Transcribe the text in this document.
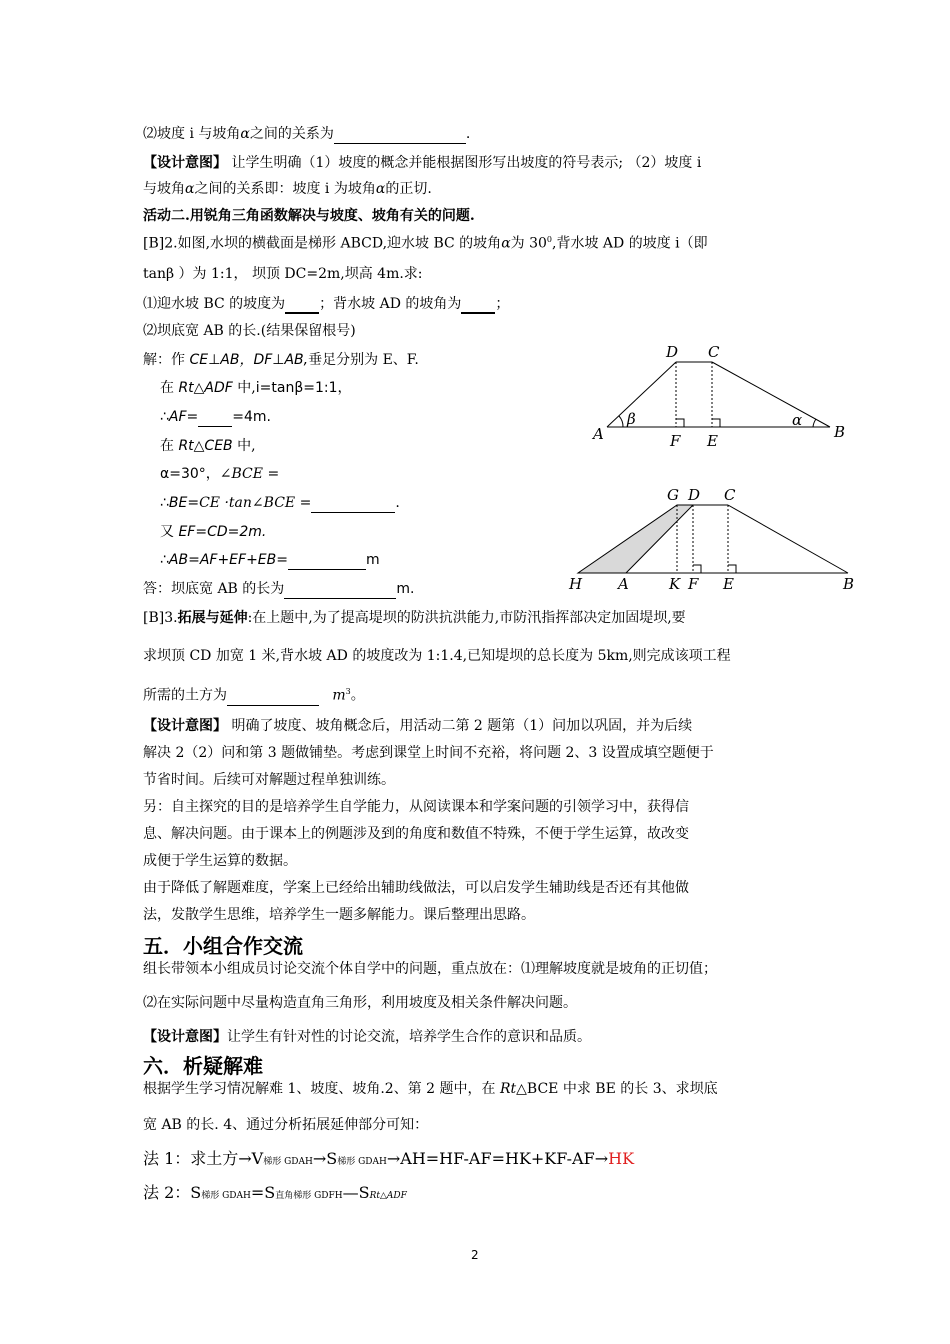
⑵坡度 i 与坡角α之间的关系为	.
【设计意图】 让学生明确（1）坡度的概念并能根据图形写出坡度的符号表示; （2）坡度 i
与坡角α之间的关系即：坡度 i 为坡角α的正切.
活动二.用锐角三角函数解决与坡度、坡角有关的问题.
[B]2.如图,水坝的横截面是梯形 ABCD,迎水坡 BC 的坡角α为 $30^0$,背水坡 AD 的坡度 i（即
tanβ ）为 1:1， 坝顶 DC=2m,坝高 4m.求:
⑴迎水坡 BC 的坡度为 ；背水坡 AD 的坡角为 ；
⑵坝底宽 AB 的长.(结果保留根号)
解：作 CE⊥AB，DF⊥AB,垂足分别为 E、F.
在 Rt△ADF 中,i=tanβ=1:1，
∴AF= =4m.
在 Rt△CEB 中,
α=30°，∠BCE =
∴BE=CE ·tan∠BCE =	.
又 EF=CD=2m.
∴AB=AF+EF+EB=	m
答：坝底宽 AB 的长为	m.
[B]3.拓展与延伸:在上题中,为了提高堤坝的防洪抗洪能力,市防汛指挥部决定加固堤坝,要
求坝顶 CD 加宽 1 米,背水坡 AD 的坡度改为 1:1.4,已知堤坝的总长度为 5km,则完成该项工程
所需的土方为	$m^3$。
【设计意图】 明确了坡度、坡角概念后，用活动二第 2 题第（1）问加以巩固，并为后续
解决 2（2）问和第 3 题做铺垫。考虑到课堂上时间不充裕，将问题 2、3 设置成填空题便于
节省时间。后续可对解题过程单独训练。
另：自主探究的目的是培养学生自学能力，从阅读课本和学案问题的引领学习中，获得信
息、解决问题。由于课本上的例题涉及到的角度和数值不特殊，不便于学生运算，故改变
成便于学生运算的数据。
由于降低了解题难度，学案上已经给出辅助线做法，可以启发学生辅助线是否还有其他做
法，发散学生思维，培养学生一题多解能力。课后整理出思路。
五．小组合作交流
组长带领本小组成员讨论交流个体自学中的问题，重点放在：⑴理解坡度就是坡角的正切值；
⑵在实际问题中尽量构造直角三角形，利用坡度及相关条件解决问题。
【设计意图】让学生有针对性的讨论交流，培养学生合作的意识和品质。
六．析疑解难
根据学生学习情况解难 1、坡度、坡角.2、第 2 题中，在 Rt△BCE 中求 BE 的长 3、求坝底
宽 AB 的长. 4、通过分析拓展延伸部分可知：
法 1：求土方→V梯形 GDAH→S梯形 GDAH→AH=HF-AF=HK+KF-AF→HK
法 2：S梯形 GDAH=S直角梯形 GDFH—SRt△ADF
D C
A	B
F E
β	α
G D C
H A	K F E	B
2
